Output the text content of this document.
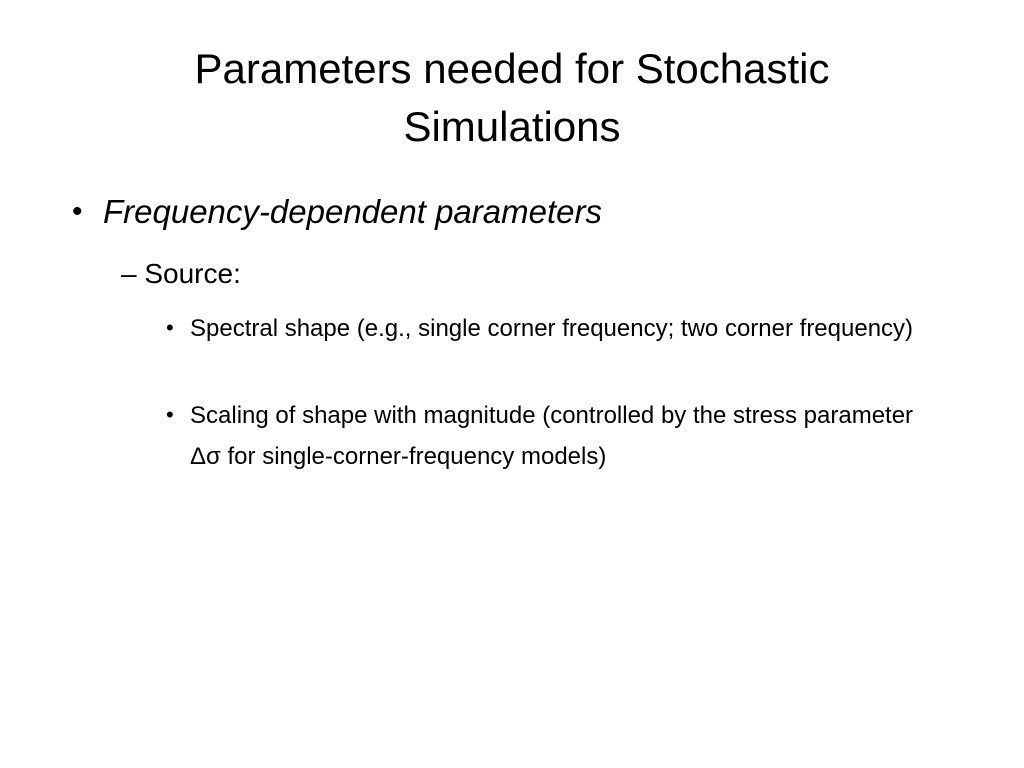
Parameters needed for Stochastic
Simulations
• Frequency-dependent parameters
– Source:
• Spectral shape (e.g., single corner frequency; two corner frequency)
• Scaling of shape with magnitude (controlled by the stress parameter Δσ for single-corner-frequency models)
